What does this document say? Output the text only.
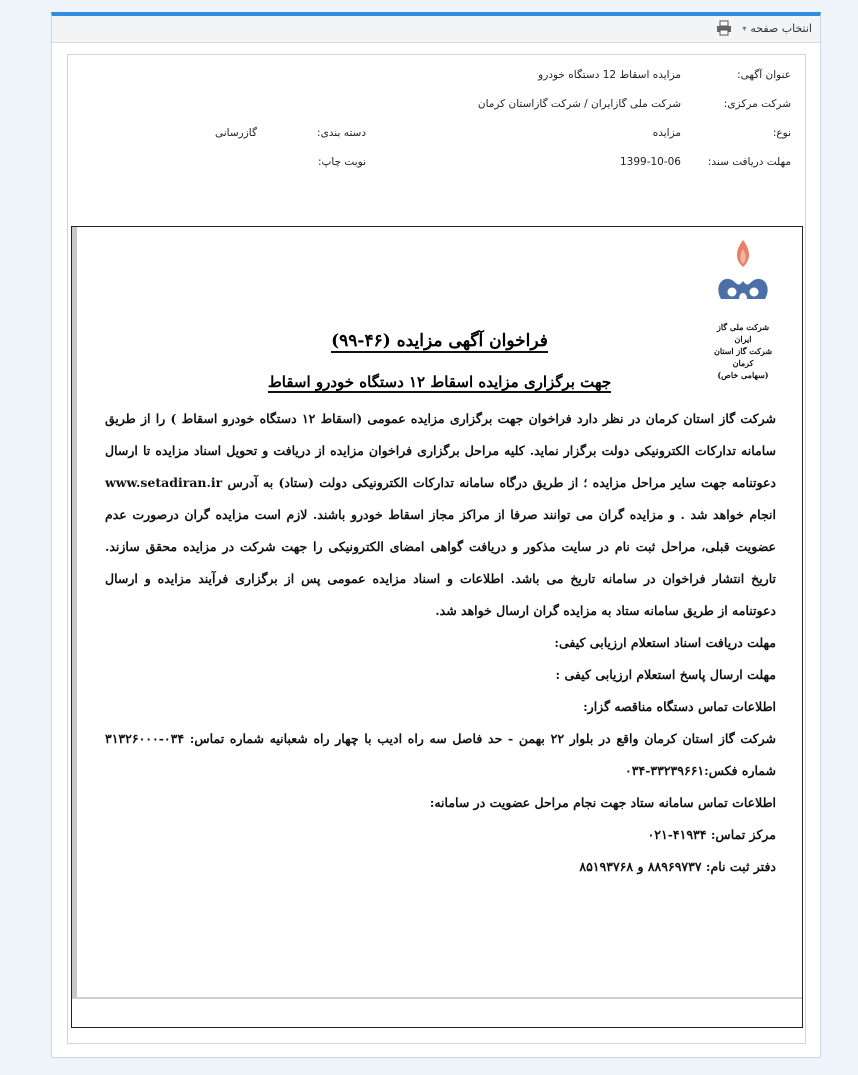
انتخاب صفحه
▾
عنوان آگهی:
مزایده اسقاط 12 دستگاه خودرو
شرکت مرکزی:
شرکت ملی گازایران / شرکت گازاستان کرمان
نوع:
مزایده
دسته بندی:
گازرسانی
مهلت دریافت سند:
1399-10-06
نوبت چاپ:
شرکت ملی گاز ایران
شرکت گاز استان کرمان
(سهامی خاص)
فراخوان آگهی مزایده (۴۶-۹۹)
جهت برگزاری مزایده اسقاط ۱۲ دستگاه خودرو اسقاط

شرکت گاز استان کرمان در نظر دارد فراخوان جهت برگزاری مزایده عمومی (اسقاط ۱۲ دستگاه خودرو اسقاط ) را از طریق سامانه تدارکات الکترونیکی دولت برگزار نماید. کلیه مراحل برگزاری فراخوان مزایده از دریافت و تحویل اسناد مزایده تا ارسال دعوتنامه جهت سایر مراحل مزایده ؛ از طریق درگاه سامانه تدارکات الکترونیکی دولت (ستاد) به آدرس www.setadiran.ir انجام خواهد شد . و مزایده گران می توانند صرفا از مراکز مجاز اسقاط خودرو باشند. لازم است مزایده گران درصورت عدم عضویت قبلی، مراحل ثبت نام در سایت مذکور و دریافت گواهی امضای الکترونیکی را جهت شرکت در مزایده محقق سازند. تاریخ انتشار فراخوان در سامانه تاریخ می باشد. اطلاعات و اسناد مزایده عمومی پس از برگزاری فرآیند مزایده و ارسال دعوتنامه از طریق سامانه ستاد به مزایده گران ارسال خواهد شد.

مهلت دریافت اسناد استعلام ارزیابی کیفی:

مهلت ارسال پاسخ استعلام ارزیابی کیفی :

اطلاعات تماس دستگاه مناقصه گزار:

شرکت گاز استان کرمان واقع در بلوار ۲۲ بهمن - حد فاصل سه راه ادیب با چهار راه شعبانیه شماره تماس: ۰۳۴-۳۱۳۲۶۰۰۰ شماره فکس:۳۳۲۳۹۶۶۱-۰۳۴

اطلاعات تماس سامانه ستاد جهت نجام مراحل عضویت در سامانه:

مرکز تماس: ۴۱۹۳۴-۰۲۱

دفتر ثبت نام: ۸۸۹۶۹۷۳۷ و ۸۵۱۹۳۷۶۸
